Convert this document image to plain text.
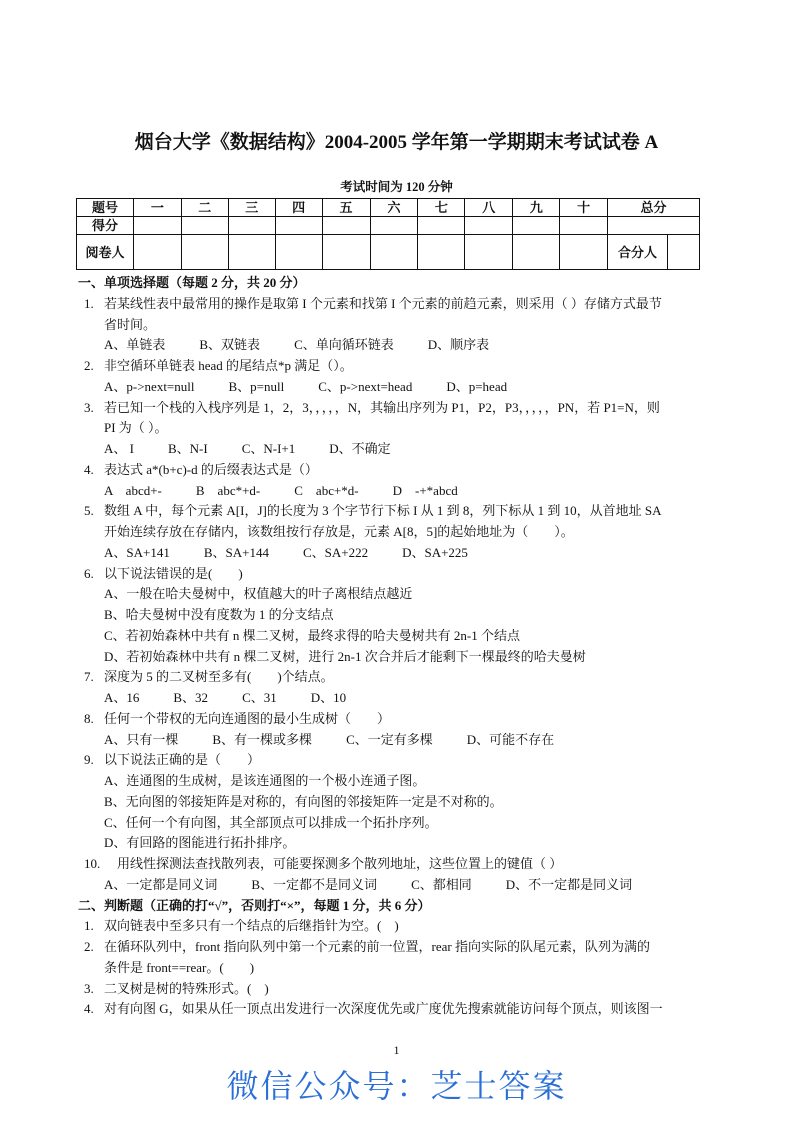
烟台大学《数据结构》2004-2005 学年第一学期期末考试试卷 A
考试时间为 120 分钟
题号	一	二	三	四	五	六	七	八	九	十	总分	
得分												
阅卷人											合分人	
一、单项选择题（每题 2 分，共 20 分）
1. 若某线性表中最常用的操作是取第 I 个元素和找第 I 个元素的前趋元素，则采用（ ）存储方式最节
省时间。
A、单链表	B、双链表	C、单向循环链表	D、顺序表
2. 非空循环单链表 head 的尾结点*p 满足（）。
A、p->next=null	B、p=null	C、p->next=head	D、p=head
3. 若已知一个栈的入栈序列是 1，2，3，，，，，N，其输出序列为 P1，P2，P3，，，，，PN，若 P1=N，则
PI 为（ ）。
A、 I	B、N-I	C、N-I+1	D、不确定
4. 表达式 a*(b+c)-d 的后缀表达式是（）
A　abcd+-	B　abc*+d-	C　abc+*d-	D　-+*abcd
5. 数组 A 中，每个元素 A[I，J]的长度为 3 个字节行下标 I 从 1 到 8，列下标从 1 到 10，从首地址 SA
开始连续存放在存储内，该数组按行存放是，元素 A[8，5]的起始地址为（　　）。
A、SA+141	B、SA+144	C、SA+222	D、SA+225
6. 以下说法错误的是(　　)
A、一般在哈夫曼树中，权值越大的叶子离根结点越近
B、哈夫曼树中没有度数为 1 的分支结点
C、若初始森林中共有 n 棵二叉树，最终求得的哈夫曼树共有 2n-1 个结点
D、若初始森林中共有 n 棵二叉树，进行 2n-1 次合并后才能剩下一棵最终的哈夫曼树
7. 深度为 5 的二叉树至多有(　　)个结点。
A、16	B、32	C、31	D、10
8. 任何一个带权的无向连通图的最小生成树（　　）
A、只有一棵	B、有一棵或多棵	C、一定有多棵	D、可能不存在
9. 以下说法正确的是（　　）
A、连通图的生成树，是该连通图的一个极小连通子图。
B、无向图的邻接矩阵是对称的，有向图的邻接矩阵一定是不对称的。
C、任何一个有向图，其全部顶点可以排成一个拓扑序列。
D、有回路的图能进行拓扑排序。
10. 　用线性探测法查找散列表，可能要探测多个散列地址，这些位置上的键值（ ）
A、一定都是同义词	B、一定都不是同义词	C、都相同	D、不一定都是同义词
二、判断题（正确的打“√”，否则打“×”，每题 1 分，共 6 分）
1. 双向链表中至多只有一个结点的后继指针为空。(　)
2. 在循环队列中，front 指向队列中第一个元素的前一位置，rear 指向实际的队尾元素，队列为满的
条件是 front==rear。(　　)
3. 二叉树是树的特殊形式。(　)
4. 对有向图 G，如果从任一顶点出发进行一次深度优先或广度优先搜索就能访问每个顶点，则该图一
1
微信公众号：芝士答案
